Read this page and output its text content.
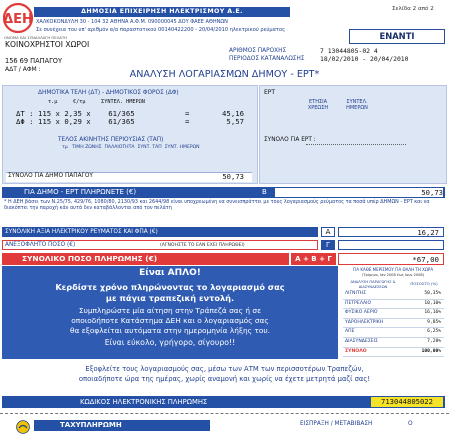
ΔΕΗ
ΔΗΜΟΣΙΑ ΕΠΙΧΕΙΡΗΣΗ ΗΛΕΚΤΡΙΣΜΟΥ Α.Ε.	Σελίδα 2 από 2
ΧΑΛΚΟΚΟΝΔΥΛΗ 30 - 104 32 ΑΘΗΝΑ Α.Φ.Μ. 090000045 ΔΟΥ ΦΑΕΕ ΑΘΗΝΩΝ
Σε συνέχεια του υπ' αριθμόν α/α παραστατικού 00140422200 - 20/04/2010 ηλεκτρικού ρεύματος
ΟΝΟΜΑ ΚΑΙ ΣΥΝΑΛΛΑΓΗ ΠΕΛΑΤΗ
ΚΟΙΝΟΧΡΗΣΤΟΙ ΧΩΡΟΙ
156 69 ΠΑΠΑΓΟΥ
ΑΔΤ / ΑΦΜ :
ΕΝΑΝΤΙ
ΑΡΙΘΜΟΣ ΠΑΡΟΧΗΣ	7 13044805-02 4
ΠΕΡΙΟΔΟΣ ΚΑΤΑΝΑΛΩΣΗΣ 18/02/2010 - 20/04/2010
ΑΝΑΛΥΣΗ ΛΟΓΑΡΙΑΣΜΩΝ ΔΗΜΟΥ - ΕΡΤ*
ΔΗΜΟΤΙΚΑ ΤΕΛΗ (ΔΤ) - ΔΗΜΟΤΙΚΟΣ ΦΟΡΟΣ (ΔΦ)
τ.μ     €/τμ     ΣΥΝΤΕΛ. ΗΜΕΡΩΝ
ΔΤ : 115 x 2,35 x    61/365	=	45,16
ΔΦ : 115 x 0,29 x    61/365	=	5,57
ΤΕΛΟΣ ΑΚΙΝΗΤΗΣ ΠΕΡΙΟΥΣΙΑΣ (ΤΑΠ)
τμ   ΤΙΜΗ ΖΩΝΗΣ  ΠΑΛΑΙΟΤΗΤΑ  ΣΥΝΤ. ΤΑΠ  ΣΥΝΤ. ΗΜΕΡΩΝ
ΣΥΝΟΛΟ ΓΙΑ ΔΗΜΟ ΠΑΠΑΓΟΥ	50,73
ΕΡΤ
ΕΤΗΣΙΑ ΧΡΕΩΣΗ
ΣΥΝΤΕΛ. ΗΜΕΡΩΝ
ΣΥΝΟΛΟ ΓΙΑ ΕΡΤ :
ΓΙΑ ΔΗΜΟ - ΕΡΤ ΠΛΗΡΩΝΕΤΕ (€)	Β	50,73
* Η ΔΕΗ βάσει των Ν.25/75, 429/76, 1080/80, 2130/93 και 2644/98 είναι υποχρεωμένη να συνεισπράττει με τους λογαριασμούς ρεύματος τα ποσά υπέρ ΔΗΜΩΝ - ΕΡΤ και να διακόπτει την παροχή κάν αυτά δεν καταβάλλονται από τον πελάτη
ΣΥΝΟΛΙΚΗ ΑΞΙΑ ΗΛΕΚΤΡΙΚΟΥ ΡΕΥΜΑΤΟΣ ΚΑΙ ΦΠΑ (€)	Α	16,27
ΑΝΕΞΟΦΛΗΤΟ ΠΟΣΟ (€)	(ΑΓΝΟΗΣΤΕ ΤΟ ΕΑΝ ΕΧΕΙ ΠΛΗΡΩΘΕΙ)	Γ
ΣΥΝΟΛΙΚΟ ΠΟΣΟ ΠΛΗΡΩΜΗΣ (€)	Α + Β + Γ	*67,00
Είναι ΑΠΛΟ!
Κερδίστε χρόνο πληρώνοντας το λογαριασμό σας
με πάγια τραπεζική εντολή.
Συμπληρώστε μία αίτηση στην Τράπεζά σας ή σε
οποιοδήποτε Κατάστημα ΔΕΗ και ο λογαριασμός σας
θα εξοφλείται αυτόματα στην ημερομηνία λήξης του.
Είναι εύκολο, γρήγορο, σίγουρο!!
ΓΙΑ ΚΑΘΕ ΜΕΡΙΣΜΟΥ ΓΙΑ ΘΑΛΗ ΤΗ ΧΩΡΑ
(Τρίμηνο, Ιαν 2008 έως Ιουν 2008)
ΑΝΑΛΥΣΗ ΠΑΡΑΓΩΓΗΣ & ΔΙΑΣΥΝΔΕΣΕΩΝ
ΠΟΣΟΣΤΟ (%)
ΛΙΓΝΙΤΗΣ	50,35%
ΠΕΤΡΕΛΑΙΟ	10,10%
ΦΥΣΙΚΟ ΑΕΡΙΟ	16,16%
ΥΔΡΟΗΛΕΚΤΡΙΚΗ	9,85%
ΑΠΕ	6,25%
ΔΙΑΣΥΝΔΕΣΕΙΣ	7,28%
ΣΥΝΟΛΟ	100,00%
Εξοφλείτε τους λογαριασμούς σας, μέσω των ΑΤΜ των περισσοτέρων Τραπεζών,
οποιαδήποτε ώρα της ημέρας, χωρίς αναμονή και χωρίς να έχετε μετρητά μαζί σας!
ΚΩΔΙΚΟΣ ΗΛΕΚΤΡΟΝΙΚΗΣ ΠΛΗΡΩΜΗΣ	713044805022
ΤΑΧΥΠΛΗΡΩΜΗ	ΕΙΣΠΡΑΞΗ / ΜΕΤΑΒΙΒΑΣΗ	Ο
